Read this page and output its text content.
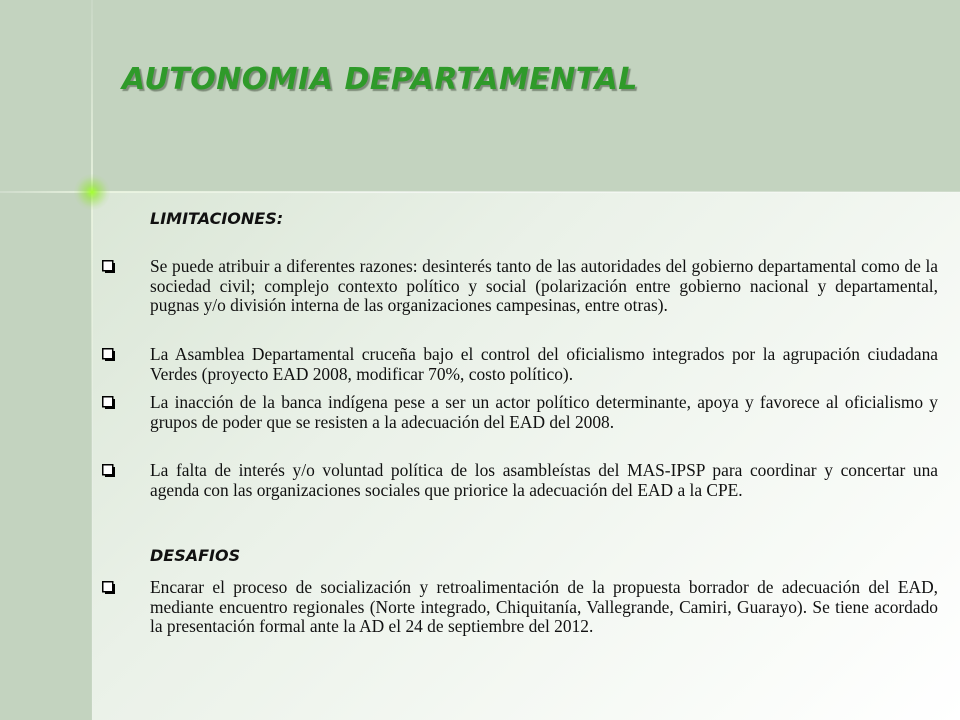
AUTONOMIA DEPARTAMENTAL
LIMITACIONES:
Se puede atribuir a diferentes razones: desinterés tanto de las autoridades del gobierno departamental como de la sociedad civil; complejo contexto político y social (polarización entre gobierno nacional y departamental, pugnas y/o división interna de las organizaciones campesinas, entre otras).
La Asamblea Departamental cruceña bajo el control del oficialismo integrados por la agrupación ciudadana Verdes (proyecto EAD 2008, modificar 70%, costo político).
La inacción de la banca indígena pese a ser un actor político determinante, apoya y favorece al oficialismo y grupos de poder que se resisten a la adecuación del EAD del 2008.
La falta de interés y/o voluntad política de los asambleístas del MAS-IPSP para coordinar y concertar una agenda con las organizaciones sociales que priorice la adecuación del EAD a la CPE.
DESAFIOS
Encarar el proceso de socialización y retroalimentación de la propuesta borrador de adecuación del EAD, mediante encuentro regionales (Norte integrado, Chiquitanía, Vallegrande, Camiri, Guarayo). Se tiene acordado la presentación formal ante la AD el 24 de septiembre del 2012.
